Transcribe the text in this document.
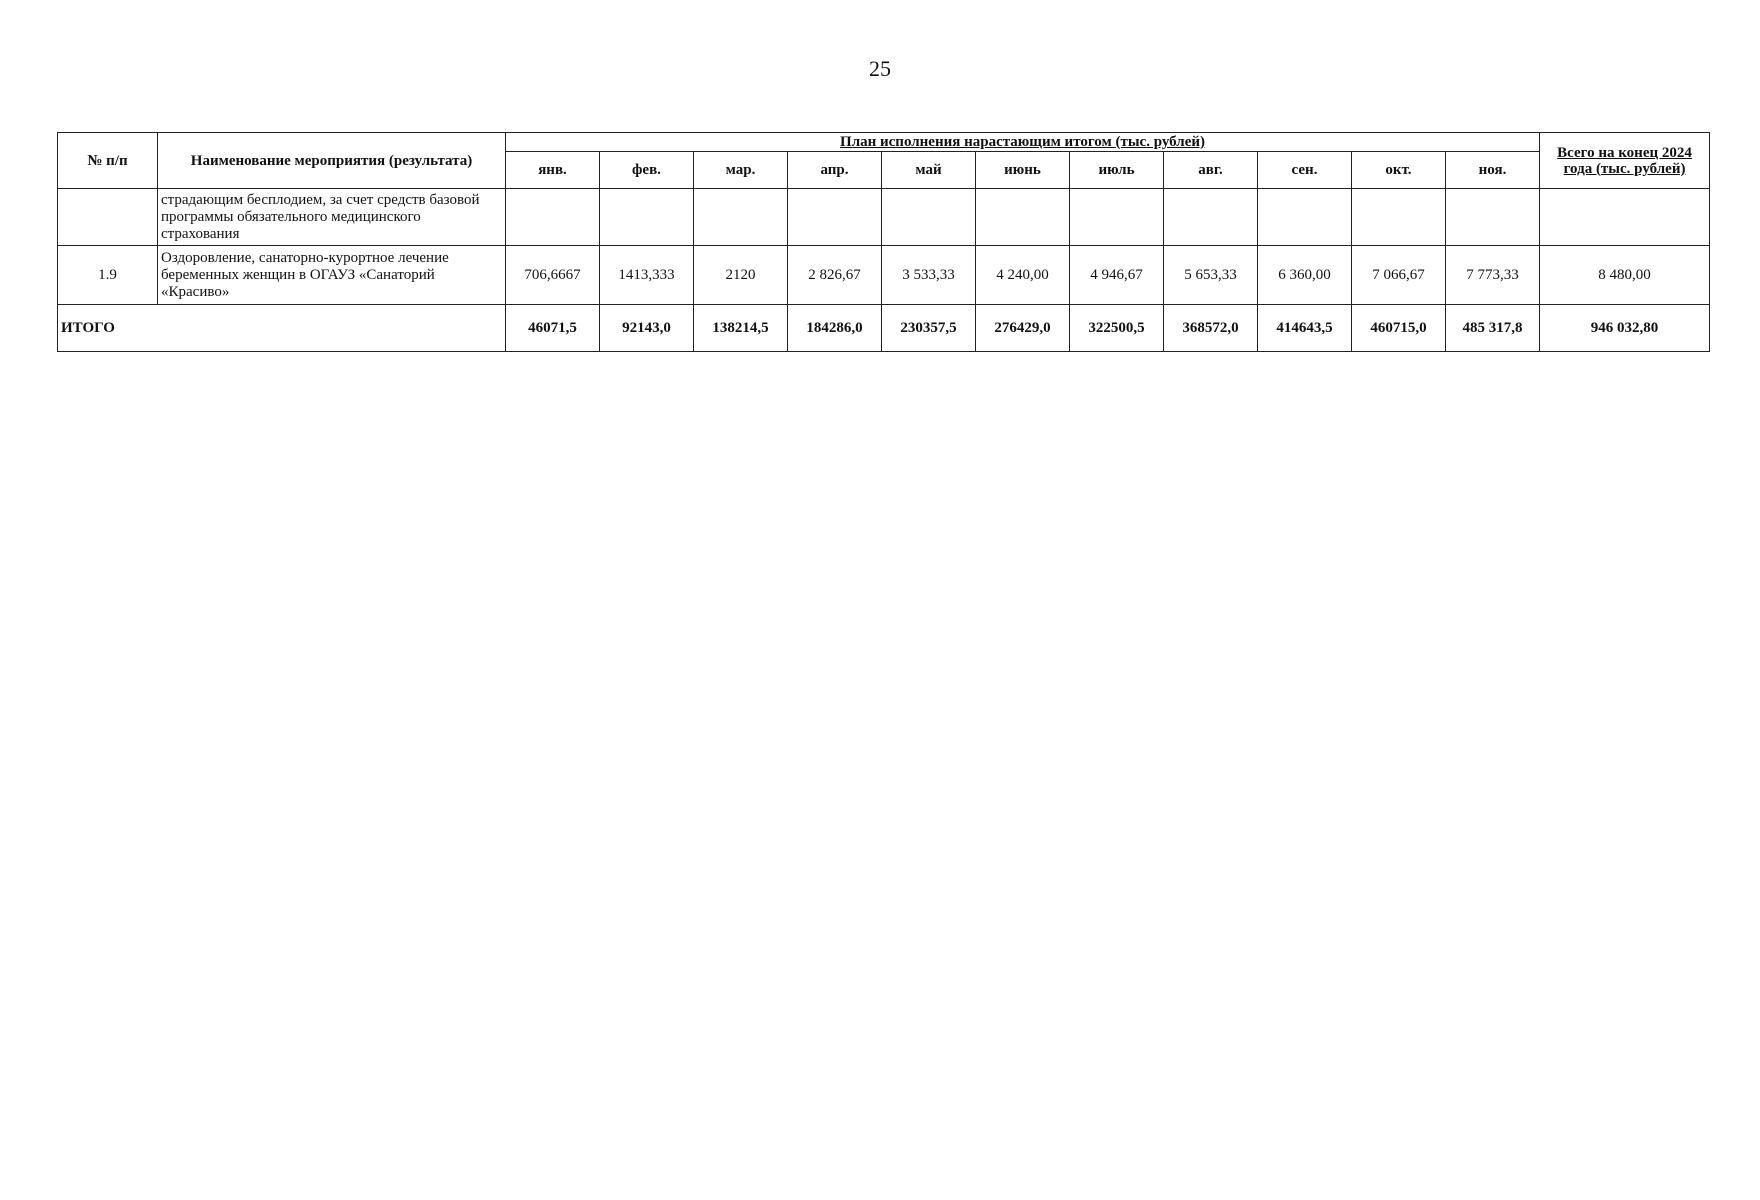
25
№ п/п	Наименование мероприятия (результата)	План исполнения нарастающим итогом (тыс. рублей)											Всего на конец 2024 года (тыс. рублей)
		янв.	фев.	мар.	апр.	май	июнь	июль	авг.	сен.	окт.	ноя.	
	страдающим бесплодием, за счет средств базовой программы обязательного медицинского страхования												
1.9	Оздоровление, санаторно-курортное лечение беременных женщин в ОГАУЗ «Санаторий «Красиво»	706,6667	1413,333	2120	2 826,67	3 533,33	4 240,00	4 946,67	5 653,33	6 360,00	7 066,67	7 773,33	8 480,00
ИТОГО		46071,5	92143,0	138214,5	184286,0	230357,5	276429,0	322500,5	368572,0	414643,5	460715,0	485 317,8	946 032,80
